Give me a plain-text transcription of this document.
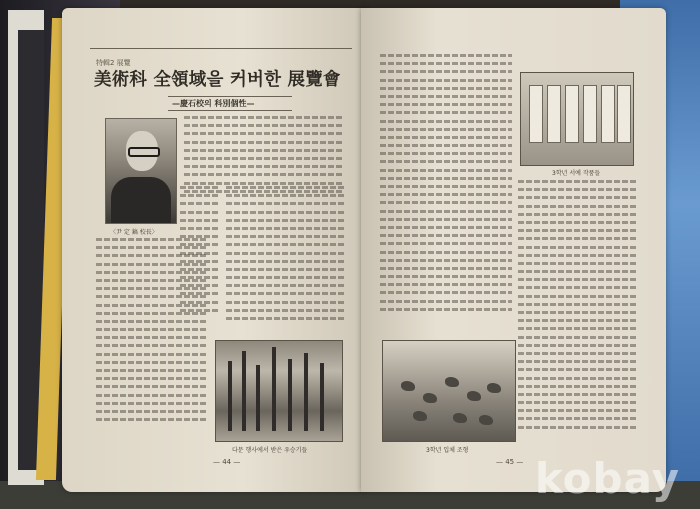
特輯2 展覽
美術科 全領域을 커버한 展覽會
—慶石校의 科別個性—
〈尹 定 鎬 校長〉
다문 행사에서 받은 우승기들
— 44 —
3학년 서예 작품들
3학년 입체 조형
— 45 — kobay
